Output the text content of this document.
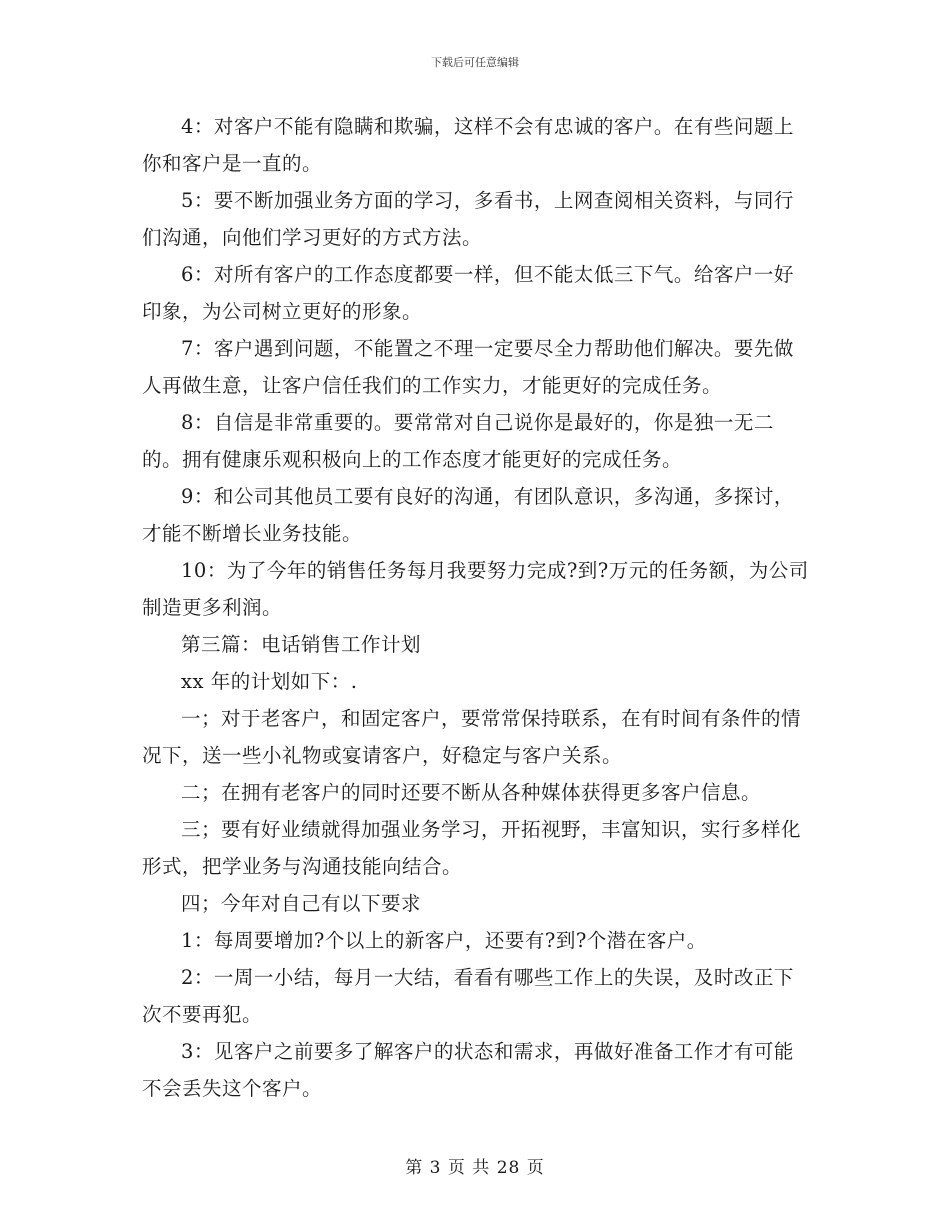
下载后可任意编辑

4：对客户不能有隐瞒和欺骗，这样不会有忠诚的客户。在有些问题上你和客户是一直的。

5：要不断加强业务方面的学习，多看书，上网查阅相关资料，与同行们沟通，向他们学习更好的方式方法。

6：对所有客户的工作态度都要一样，但不能太低三下气。给客户一好印象，为公司树立更好的形象。

7：客户遇到问题，不能置之不理一定要尽全力帮助他们解决。要先做人再做生意，让客户信任我们的工作实力，才能更好的完成任务。

8：自信是非常重要的。要常常对自己说你是最好的，你是独一无二的。拥有健康乐观积极向上的工作态度才能更好的完成任务。

9：和公司其他员工要有良好的沟通，有团队意识，多沟通，多探讨，才能不断增长业务技能。

10：为了今年的销售任务每月我要努力完成?到?万元的任务额，为公司制造更多利润。

第三篇：电话销售工作计划

xx 年的计划如下：.

一；对于老客户，和固定客户，要常常保持联系，在有时间有条件的情况下，送一些小礼物或宴请客户，好稳定与客户关系。

二；在拥有老客户的同时还要不断从各种媒体获得更多客户信息。

三；要有好业绩就得加强业务学习，开拓视野，丰富知识，实行多样化形式，把学业务与沟通技能向结合。

四；今年对自己有以下要求

1：每周要增加?个以上的新客户，还要有?到?个潜在客户。

2：一周一小结，每月一大结，看看有哪些工作上的失误，及时改正下次不要再犯。

3：见客户之前要多了解客户的状态和需求，再做好准备工作才有可能不会丢失这个客户。

第 3 页 共 28 页
